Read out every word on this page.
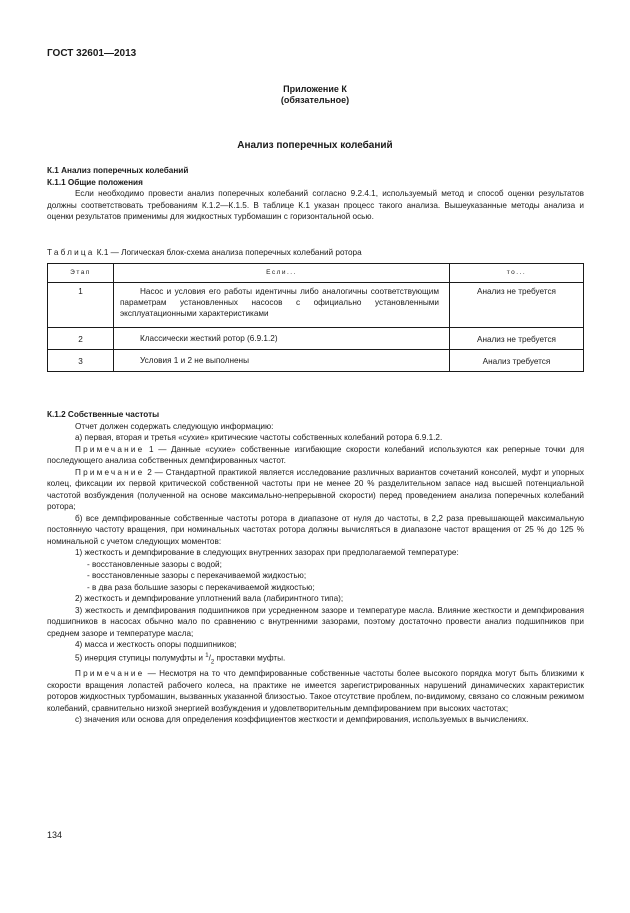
ГОСТ 32601—2013
Приложение К
(обязательное)
Анализ поперечных колебаний

К.1 Анализ поперечных колебаний

К.1.1 Общие положения

Если необходимо провести анализ поперечных колебаний согласно 9.2.4.1, используемый метод и способ оценки результатов должны соответствовать требованиям К.1.2—К.1.5. В таблице К.1 указан процесс такого анализа. Вышеуказанные методы анализа и оценки результатов применимы для жидкостных турбомашин с горизонтальной осью.

Таблица К.1 — Логическая блок-схема анализа поперечных колебаний ротора

Этап	Если...	то...
1	Насос и условия его работы идентичны либо аналогичны соответствующим параметрам установленных насосов с официально установленными эксплуатационными характеристиками	Анализ не требуется
2	Классически жесткий ротор (6.9.1.2)	Анализ не требуется
3	Условия 1 и 2 не выполнены	Анализ требуется

К.1.2 Собственные частоты

Отчет должен содержать следующую информацию:

а) первая, вторая и третья «сухие» критические частоты собственных колебаний ротора 6.9.1.2.

Примечание 1 — Данные «сухие» собственные изгибающие скорости колебаний используются как реперные точки для последующего анализа собственных демпфированных частот.

Примечание 2 — Стандартной практикой является исследование различных вариантов сочетаний консолей, муфт и упорных колец, фиксации их первой критической собственной частоты при не менее 20 % разделительном запасе над высшей потенциальной частотой возбуждения (полученной на основе максимально-непрерывной скорости) перед проведением анализа поперечных колебаний ротора;

б) все демпфированные собственные частоты ротора в диапазоне от нуля до частоты, в 2,2 раза превышающей максимальную постоянную частоту вращения, при номинальных частотах ротора должны вычисляться в диапазоне частот вращения от 25 % до 125 % номинальной с учетом следующих моментов:

1) жесткость и демпфирование в следующих внутренних зазорах при предполагаемой температуре:

- восстановленные зазоры с водой;

- восстановленные зазоры с перекачиваемой жидкостью;

- в два раза большие зазоры с перекачиваемой жидкостью;

2) жесткость и демпфирование уплотнений вала (лабиринтного типа);

3) жесткость и демпфирования подшипников при усредненном зазоре и температуре масла. Влияние жесткости и демпфирования подшипников в насосах обычно мало по сравнению с внутренними зазорами, поэтому достаточно провести анализ подшипников при среднем зазоре и температуре масла;

4) масса и жесткость опоры подшипников;

5) инерция ступицы полумуфты и $^1/_2$ проставки муфты.

Примечание — Несмотря на то что демпфированные собственные частоты более высокого порядка могут быть близкими к скорости вращения лопастей рабочего колеса, на практике не имеется зарегистрированных нарушений динамических характеристик роторов жидкостных турбомашин, вызванных указанной близостью. Такое отсутствие проблем, по-видимому, связано со сложным режимом колебаний, сравнительно низкой энергией возбуждения и удовлетворительным демпфированием при высоких частотах;

с) значения или основа для определения коэффициентов жесткости и демпфирования, используемых в вычислениях.

134
